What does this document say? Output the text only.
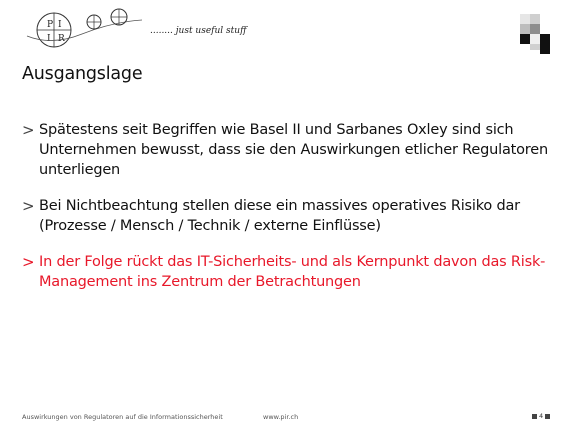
P I
I R
........ just useful stuff
Ausgangslage
> Spätestens seit Begriffen wie Basel II und Sarbanes Oxley sind sich Unternehmen bewusst, dass sie den Auswirkungen etlicher Regulatoren unterliegen
> Bei Nichtbeachtung stellen diese ein massives operatives Risiko dar (Prozesse / Mensch / Technik / externe Einflüsse)
> In der Folge rückt das IT-Sicherheits- und als Kernpunkt davon das Risk-Management ins Zentrum der Betrachtungen
Auswirkungen von Regulatoren auf die Informationssicherheit	www.pir.ch	4
